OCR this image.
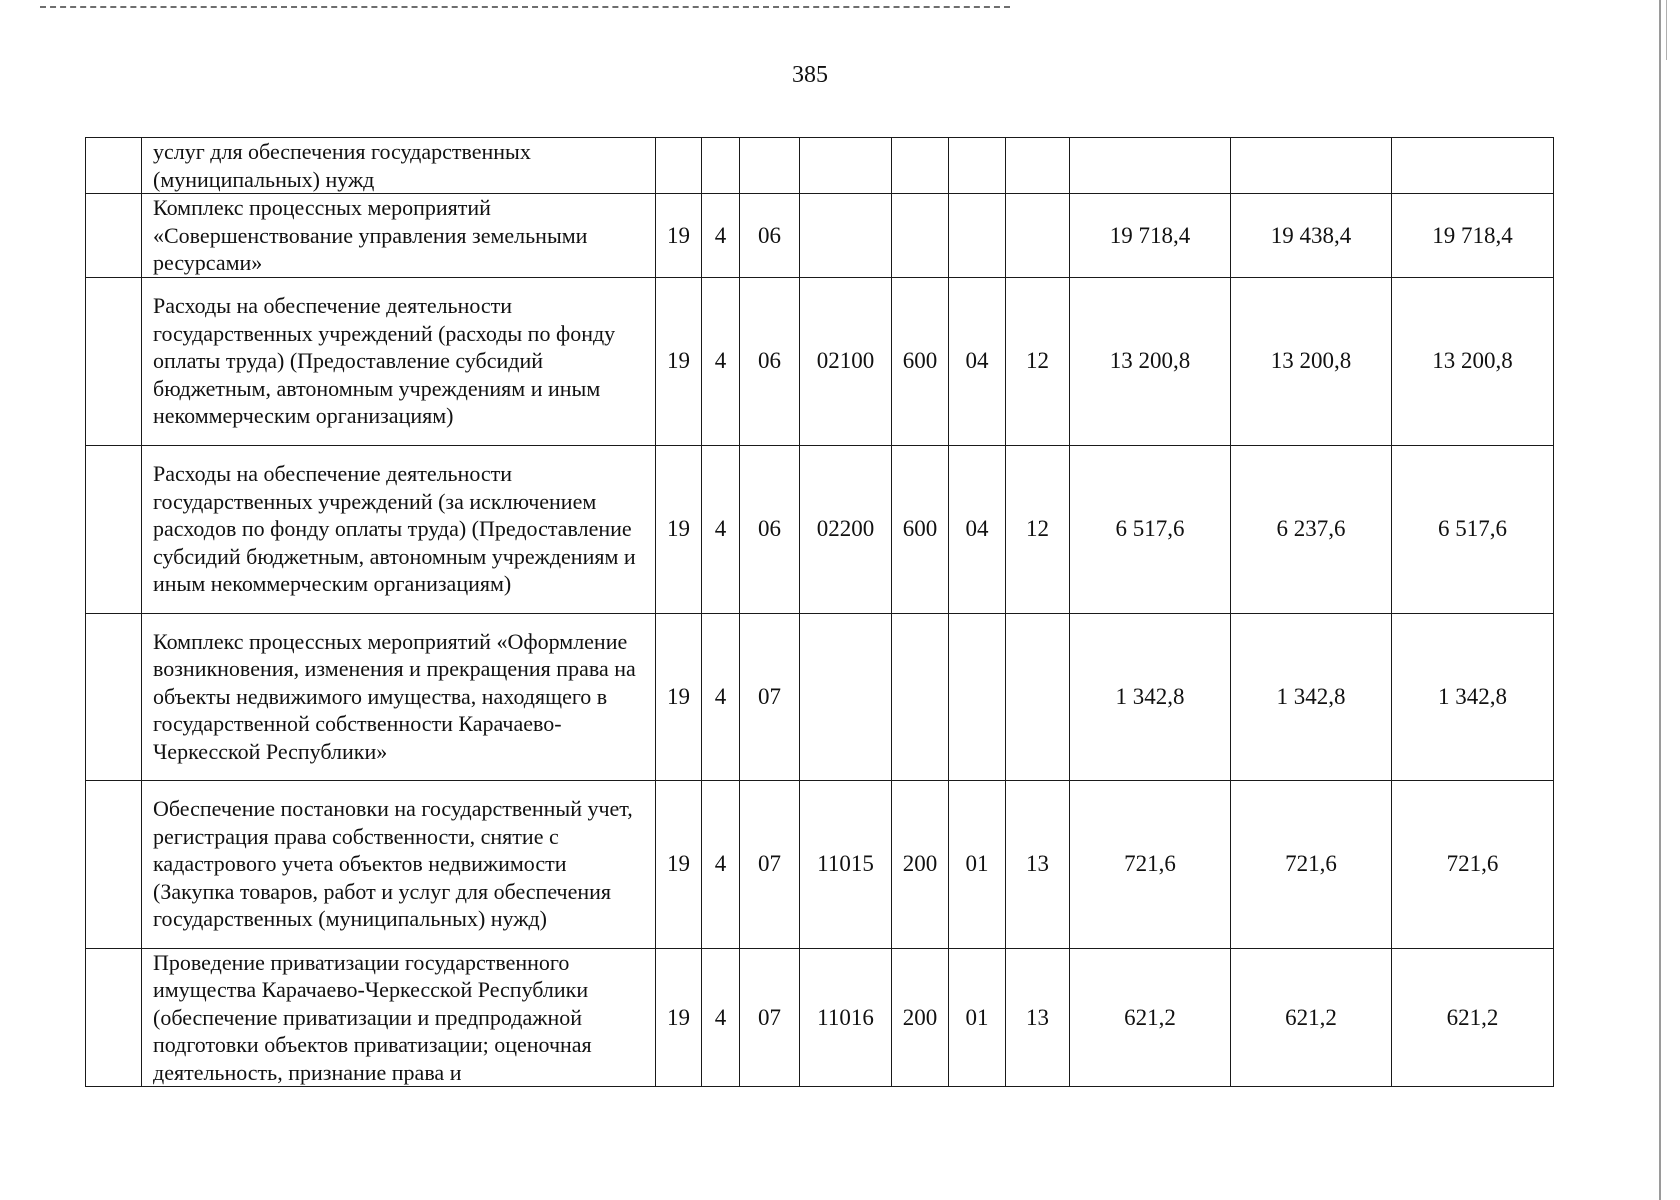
385
	услуг для обеспечения государственных (муниципальных) нужд										
	Комплекс процессных мероприятий «Совершенствование управления земельными ресурсами»	19	4	06					19 718,4	19 438,4	19 718,4
	Расходы на обеспечение деятельности государственных учреждений (расходы по фонду оплаты труда) (Предоставление субсидий бюджетным, автономным учреждениям и иным некоммерческим организациям)	19	4	06	02100	600	04	12	13 200,8	13 200,8	13 200,8
	Расходы на обеспечение деятельности государственных учреждений (за исключением расходов по фонду оплаты труда) (Предоставление субсидий бюджетным, автономным учреждениям и иным некоммерческим организациям)	19	4	06	02200	600	04	12	6 517,6	6 237,6	6 517,6
	Комплекс процессных мероприятий «Оформление возникновения, изменения и прекращения права на объекты недвижимого имущества, находящего в государственной собственности Карачаево-Черкесской Республики»	19	4	07					1 342,8	1 342,8	1 342,8
	Обеспечение постановки на государственный учет, регистрация права собственности, снятие с кадастрового учета объектов недвижимости (Закупка товаров, работ и услуг для обеспечения государственных (муниципальных) нужд)	19	4	07	11015	200	01	13	721,6	721,6	721,6
	Проведение приватизации государственного имущества Карачаево-Черкесской Республики (обеспечение приватизации и предпродажной подготовки объектов приватизации; оценочная деятельность, признание права и	19	4	07	11016	200	01	13	621,2	621,2	621,2
